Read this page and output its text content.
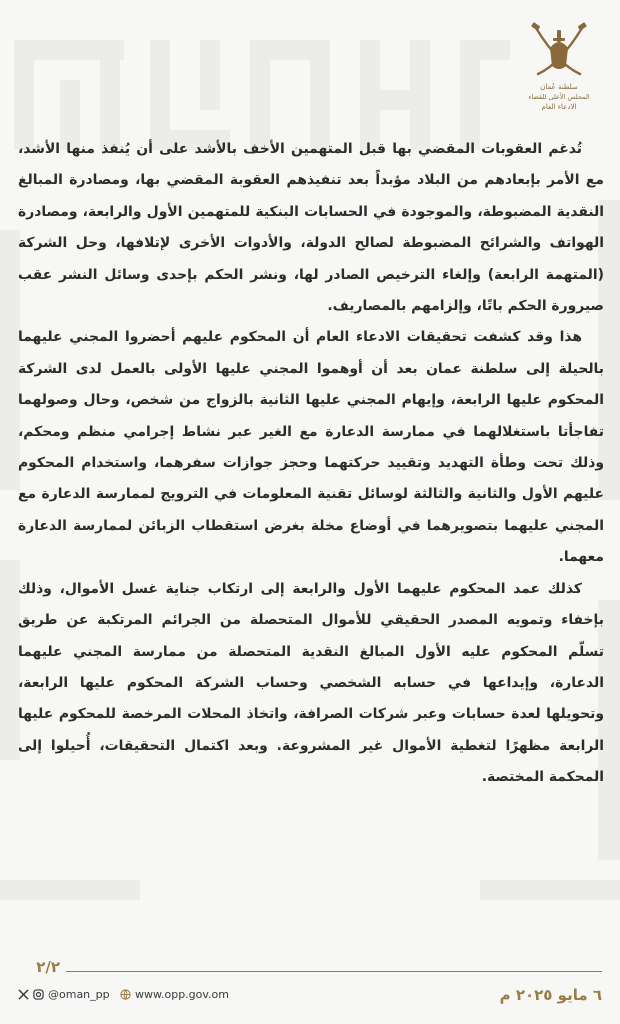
سلطنة عُمان
المجلس الأعلى للقضاء
الادعاء العام

تُدغم العقوبات المقضي بها قبل المتهمين الأخف بالأشد على أن يُنفذ منها الأشد، مع الأمر بإبعادهم من البلاد مؤبداً بعد تنفيذهم العقوبة المقضي بها، ومصادرة المبالغ النقدية المضبوطة، والموجودة في الحسابات البنكية للمتهمين الأول والرابعة، ومصادرة الهواتف والشرائح المضبوطة لصالح الدولة، والأدوات الأخرى لإتلافها، وحل الشركة (المتهمة الرابعة) وإلغاء الترخيص الصادر لها، ونشر الحكم بإحدى وسائل النشر عقب صيرورة الحكم باتًا، وإلزامهم بالمصاريف.

هذا وقد كشفت تحقيقات الادعاء العام أن المحكوم عليهم أحضروا المجني عليهما بالحيلة إلى سلطنة عمان بعد أن أوهموا المجني عليها الأولى بالعمل لدى الشركة المحكوم عليها الرابعة، وإيهام المجني عليها الثانية بالزواج من شخص، وحال وصولهما تفاجأتا باستغلالهما في ممارسة الدعارة مع الغير عبر نشاط إجرامي منظم ومحكم، وذلك تحت وطأة التهديد وتقييد حركتهما وحجز جوازات سفرهما، واستخدام المحكوم عليهم الأول والثانية والثالثة لوسائل تقنية المعلومات في الترويج لممارسة الدعارة مع المجني عليهما بتصويرهما في أوضاع مخلة بغرض استقطاب الزبائن لممارسة الدعارة معهما.

كذلك عمد المحكوم عليهما الأول والرابعة إلى ارتكاب جناية غسل الأموال، وذلك بإخفاء وتمويه المصدر الحقيقي للأموال المتحصلة من الجرائم المرتكبة عن طريق تسلّم المحكوم عليه الأول المبالغ النقدية المتحصلة من ممارسة المجني عليهما الدعارة، وإيداعها في حسابه الشخصي وحساب الشركة المحكوم عليها الرابعة، وتحويلها لعدة حسابات وعبر شركات الصرافة، واتخاذ المحلات المرخصة للمحكوم عليها الرابعة مظهرًا لتغطية الأموال غير المشروعة. وبعد اكتمال التحقيقات، أُحيلوا إلى المحكمة المختصة.

٢/٢
٦ مايو ٢٠٢٥ م
@oman_pp www.opp.gov.om
